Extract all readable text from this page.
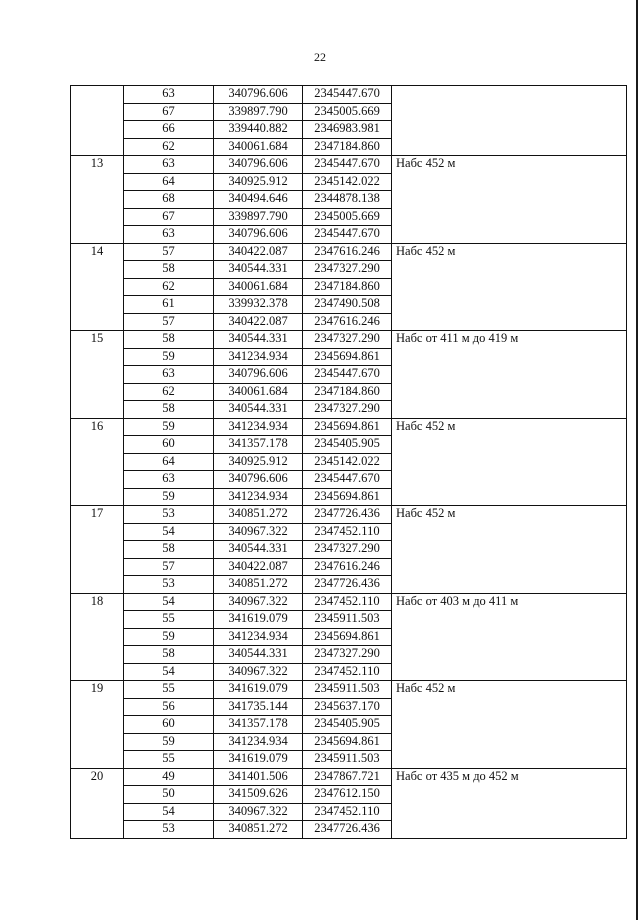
22
	63	340796.606	2345447.670	
	67	339897.790	2345005.669	
	66	339440.882	2346983.981	
	62	340061.684	2347184.860	
13	63	340796.606	2345447.670	Набс 452 м
	64	340925.912	2345142.022	
	68	340494.646	2344878.138	
	67	339897.790	2345005.669	
	63	340796.606	2345447.670	
14	57	340422.087	2347616.246	Набс 452 м
	58	340544.331	2347327.290	
	62	340061.684	2347184.860	
	61	339932.378	2347490.508	
	57	340422.087	2347616.246	
15	58	340544.331	2347327.290	Набс от 411 м до 419 м
	59	341234.934	2345694.861	
	63	340796.606	2345447.670	
	62	340061.684	2347184.860	
	58	340544.331	2347327.290	
16	59	341234.934	2345694.861	Набс 452 м
	60	341357.178	2345405.905	
	64	340925.912	2345142.022	
	63	340796.606	2345447.670	
	59	341234.934	2345694.861	
17	53	340851.272	2347726.436	Набс 452 м
	54	340967.322	2347452.110	
	58	340544.331	2347327.290	
	57	340422.087	2347616.246	
	53	340851.272	2347726.436	
18	54	340967.322	2347452.110	Набс от 403 м до 411 м
	55	341619.079	2345911.503	
	59	341234.934	2345694.861	
	58	340544.331	2347327.290	
	54	340967.322	2347452.110	
19	55	341619.079	2345911.503	Набс 452 м
	56	341735.144	2345637.170	
	60	341357.178	2345405.905	
	59	341234.934	2345694.861	
	55	341619.079	2345911.503	
20	49	341401.506	2347867.721	Набс от 435 м до 452 м
	50	341509.626	2347612.150	
	54	340967.322	2347452.110	
	53	340851.272	2347726.436	
